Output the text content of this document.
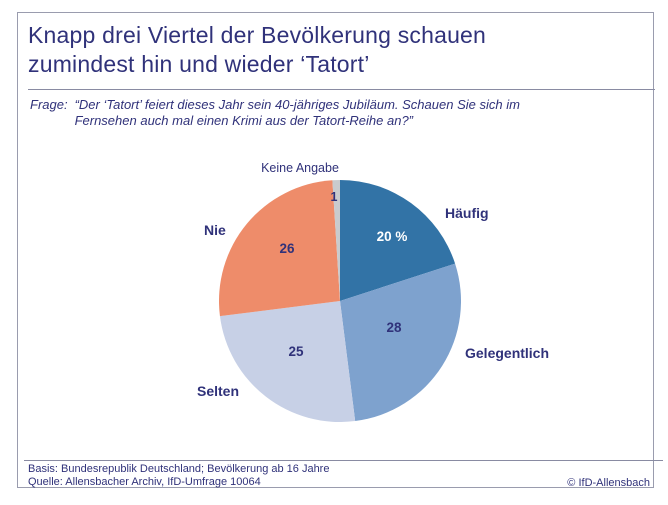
Knapp drei Viertel der Bevölkerung schauen
zumindest hin und wieder ‘Tatort’
Frage: “Der ‘Tatort’ feiert dieses Jahr sein 40-jähriges Jubiläum. Schauen Sie sich im
Fernsehen auch mal einen Krimi aus der Tatort-Reihe an?”
Keine Angabe
Häufig
Gelegentlich
Selten
Nie	20 %
28
25
26
1
Basis: Bundesrepublik Deutschland; Bevölkerung ab 16 Jahre
Quelle: Allensbacher Archiv, IfD-Umfrage 10064	© IfD-Allensbach
